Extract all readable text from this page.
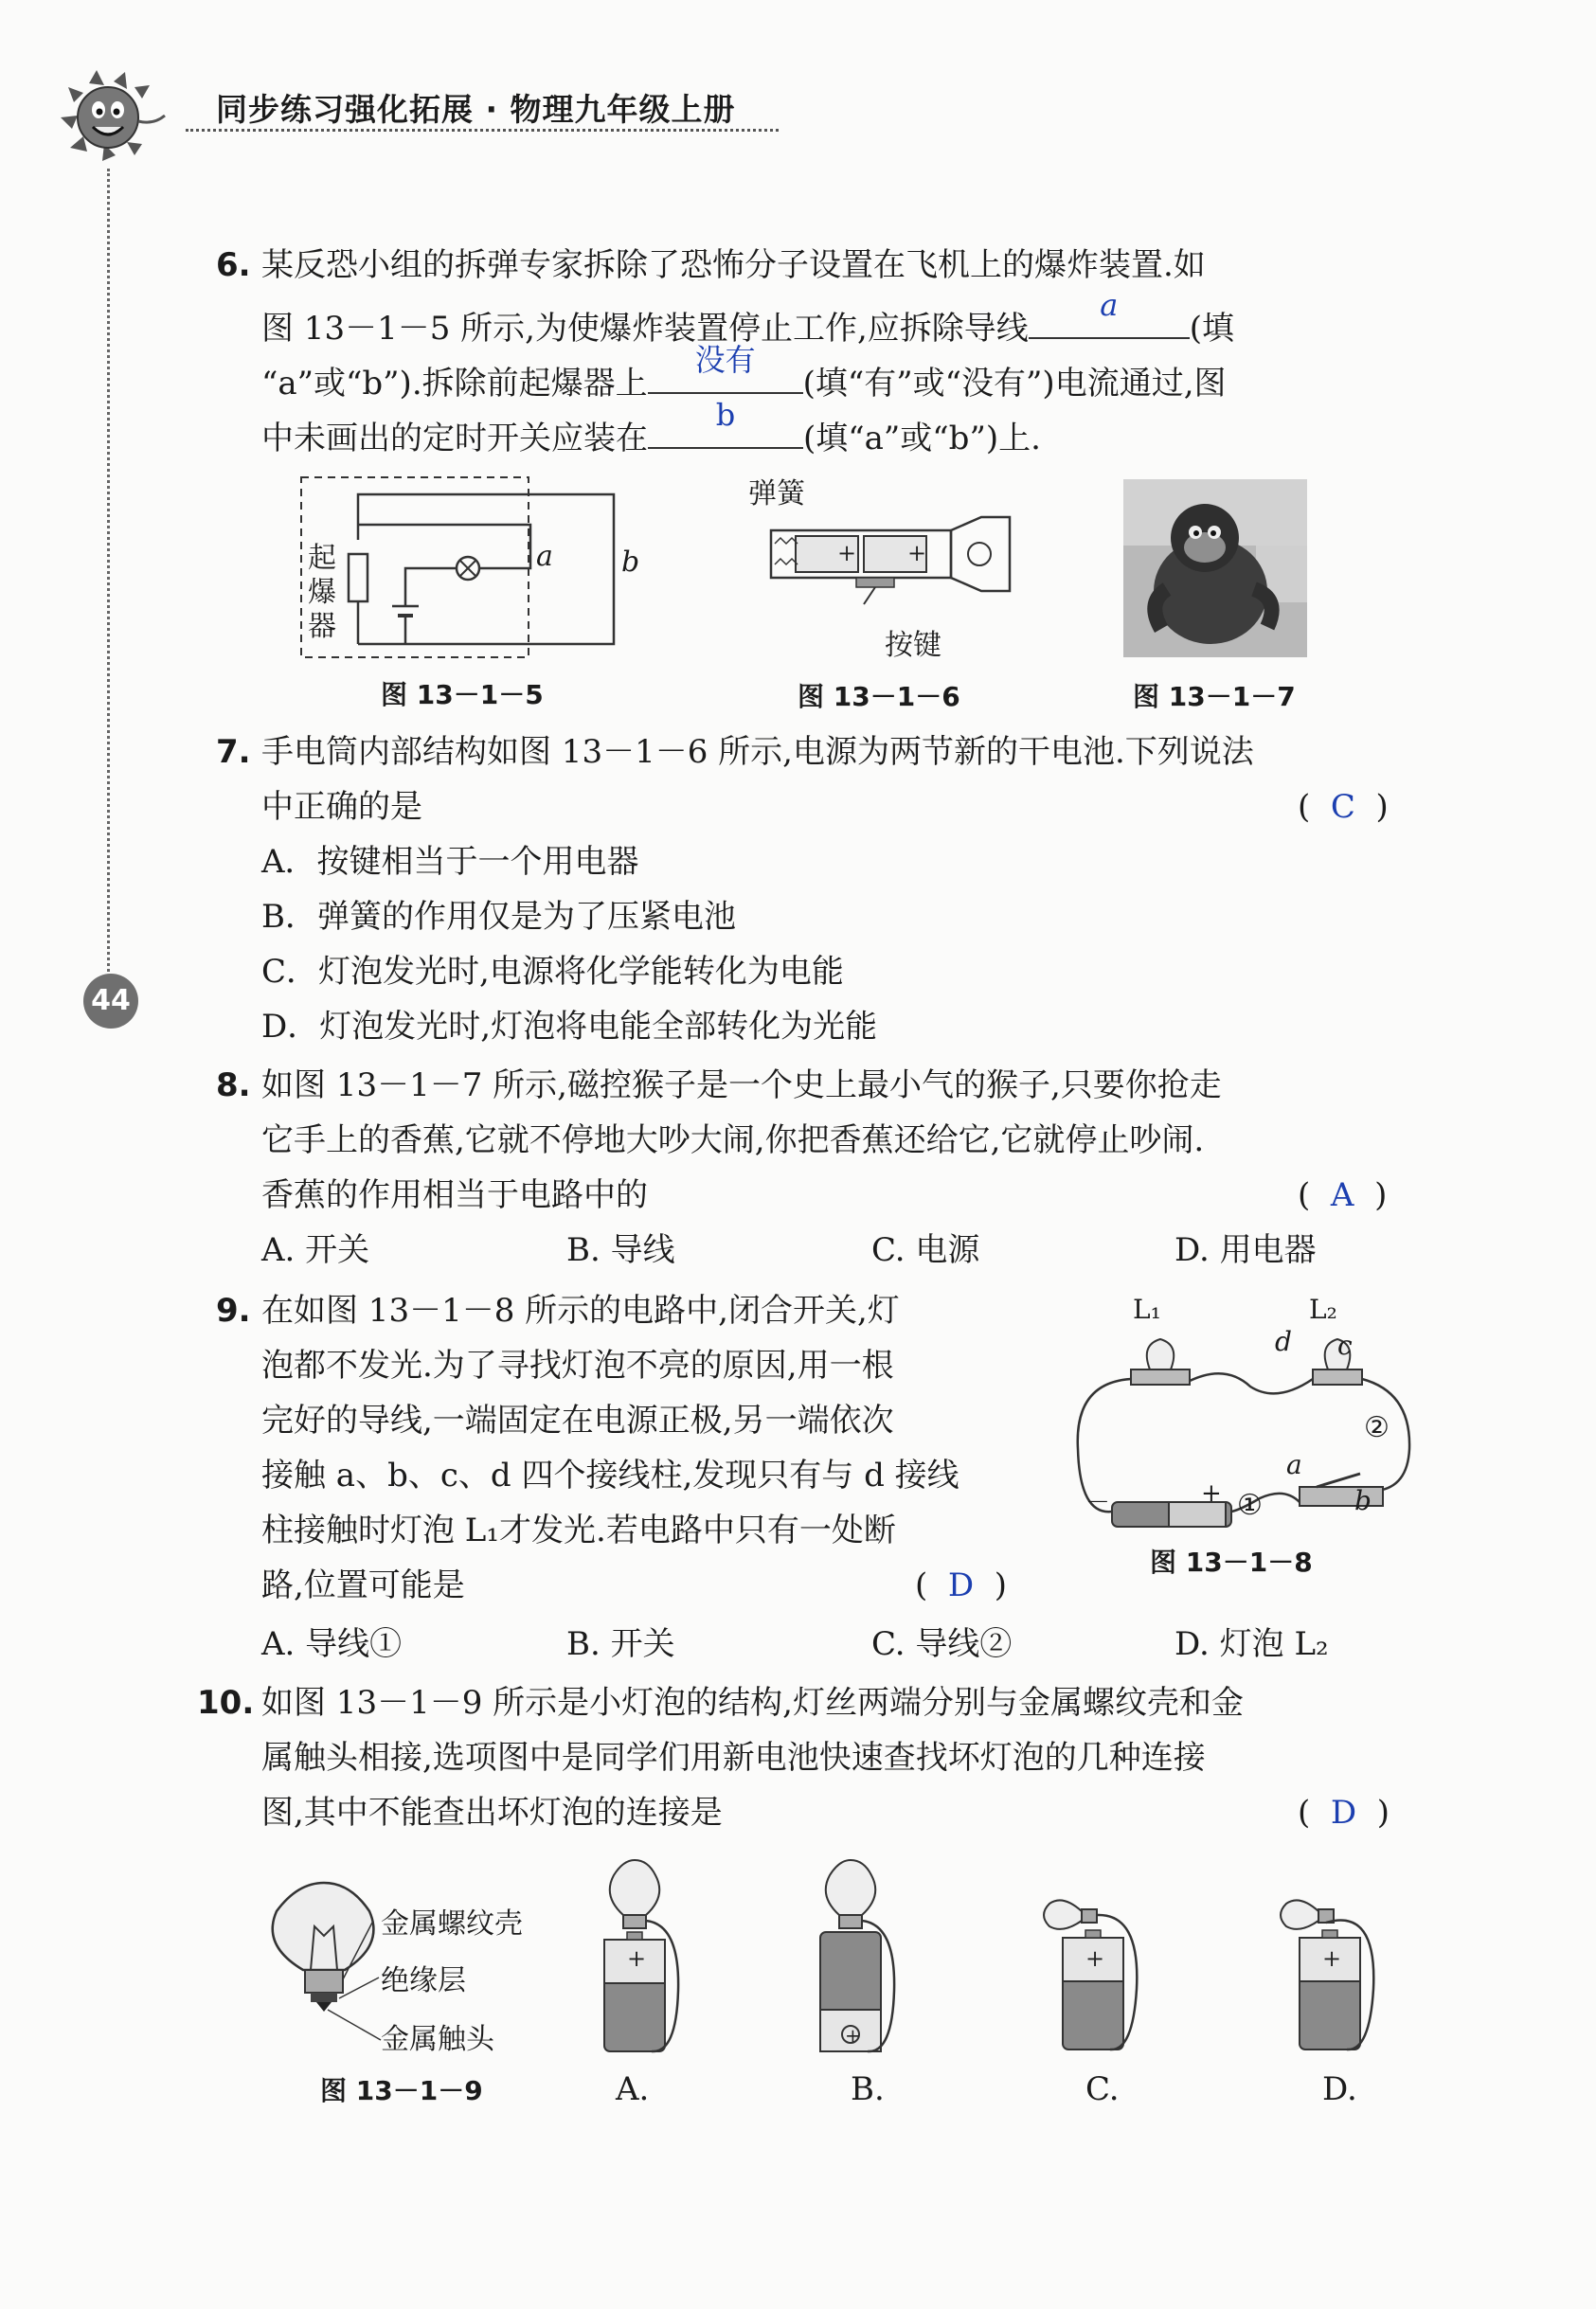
同步练习强化拓展 · 物理九年级上册
44
6. 某反恐小组的拆弹专家拆除了恐怖分子设置在飞机上的爆炸装置.如
图 13－1－5 所示,为使爆炸装置停止工作,应拆除导线
a
(填
“a”或“b”).拆除前起爆器上
没有
(填“有”或“没有”)电流通过,图
中未画出的定时开关应装在
b
(填“a”或“b”)上.
起爆器
a b
图 13－1－5
弹簧
+ +
按键
图 13－1－6	图 13－1－7
7. 手电筒内部结构如图 13－1－6 所示,电源为两节新的干电池.下列说法
中正确的是	(  C  )
A．按键相当于一个用电器
B．弹簧的作用仅是为了压紧电池
C．灯泡发光时,电源将化学能转化为电能
D．灯泡发光时,灯泡将电能全部转化为光能
8. 如图 13－1－7 所示,磁控猴子是一个史上最小气的猴子,只要你抢走
它手上的香蕉,它就不停地大吵大闹,你把香蕉还给它,它就停止吵闹.
香蕉的作用相当于电路中的	(  A  )
A. 开关	B. 导线	C. 电源	D. 用电器
9. 在如图 13－1－8 所示的电路中,闭合开关,灯
泡都不发光.为了寻找灯泡不亮的原因,用一根
完好的导线,一端固定在电源正极,另一端依次
接触 a、b、c、d 四个接线柱,发现只有与 d 接线
柱接触时灯泡 L₁才发光.若电路中只有一处断
路,位置可能是	(  D  )
L₁	L₂
d c
②
a
b
－	+ ①
图 13－1－8
A. 导线①	B. 开关	C. 导线②	D. 灯泡 L₂
10. 如图 13－1－9 所示是小灯泡的结构,灯丝两端分别与金属螺纹壳和金
属触头相接,选项图中是同学们用新电池快速查找坏灯泡的几种连接
图,其中不能查出坏灯泡的连接是	(  D  )
金属螺纹壳
绝缘层
金属触头
图 13－1－9
+
A.
+
B.
+
C.
+
D.
